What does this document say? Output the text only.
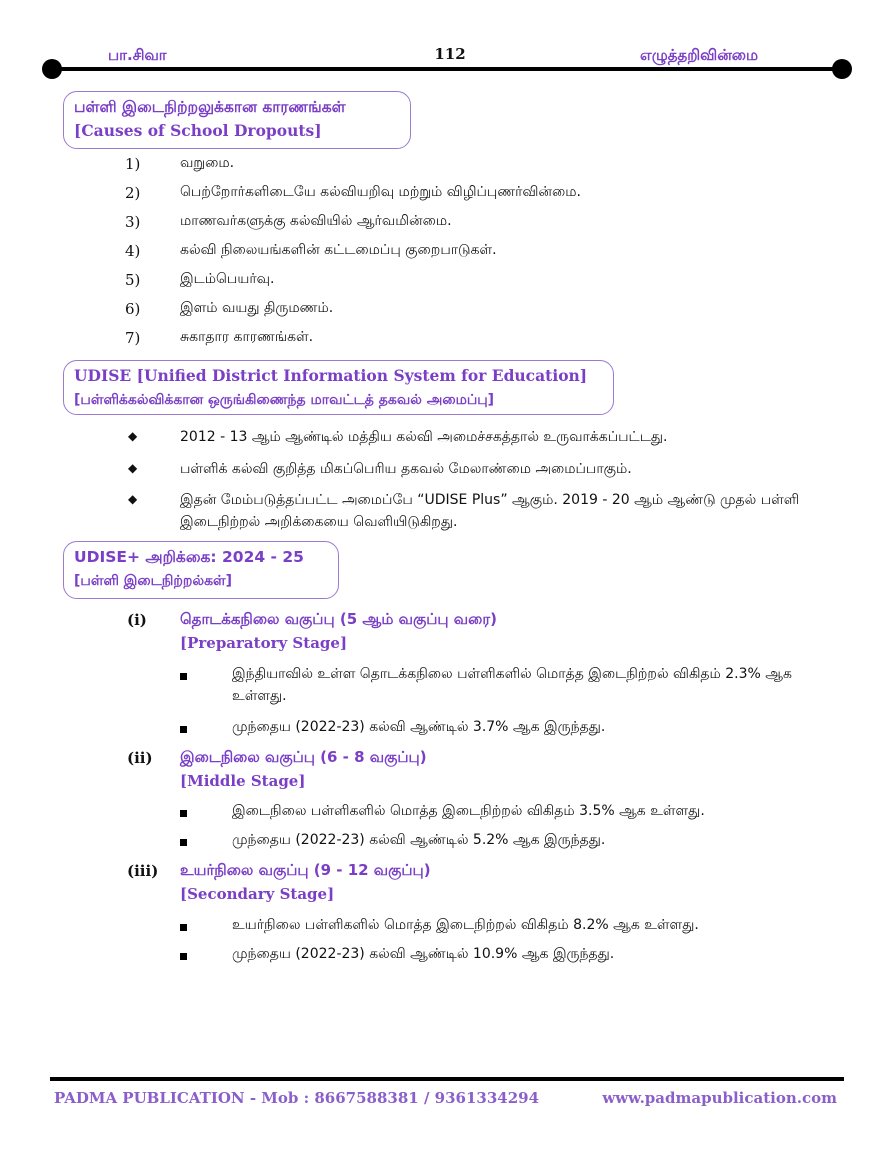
பா.சிவா	112	எழுத்தறிவின்மை
பள்ளி இடைநிற்றலுக்கான காரணங்கள்
[Causes of School Dropouts]
1)	வறுமை.
2)	பெற்றோர்களிடையே கல்வியறிவு மற்றும் விழிப்புணர்வின்மை.
3)	மாணவர்களுக்கு கல்வியில் ஆர்வமின்மை.
4)	கல்வி நிலையங்களின் கட்டமைப்பு குறைபாடுகள்.
5)	இடம்பெயர்வு.
6)	இளம் வயது திருமணம்.
7)	சுகாதார காரணங்கள்.
UDISE [Unified District Information System for Education]
[பள்ளிக்கல்விக்கான ஒருங்கிணைந்த மாவட்டத் தகவல் அமைப்பு]
◆	2012 - 13 ஆம் ஆண்டில் மத்திய கல்வி அமைச்சகத்தால் உருவாக்கப்பட்டது.
◆	பள்ளிக் கல்வி குறித்த மிகப்பெரிய தகவல் மேலாண்மை அமைப்பாகும்.
◆	இதன் மேம்படுத்தப்பட்ட அமைப்பே “UDISE Plus” ஆகும். 2019 - 20 ஆம் ஆண்டு முதல் பள்ளி இடைநிற்றல் அறிக்கையை வெளியிடுகிறது.
UDISE+ அறிக்கை: 2024 - 25
[பள்ளி இடைநிற்றல்கள்]
(i) தொடக்கநிலை வகுப்பு (5 ஆம் வகுப்பு வரை)
[Preparatory Stage]
இந்தியாவில் உள்ள தொடக்கநிலை பள்ளிகளில் மொத்த இடைநிற்றல் விகிதம் 2.3% ஆக உள்ளது.
முந்தைய (2022-23) கல்வி ஆண்டில் 3.7% ஆக இருந்தது.
(ii) இடைநிலை வகுப்பு (6 - 8 வகுப்பு)
[Middle Stage]
இடைநிலை பள்ளிகளில் மொத்த இடைநிற்றல் விகிதம் 3.5% ஆக உள்ளது.
முந்தைய (2022-23) கல்வி ஆண்டில் 5.2% ஆக இருந்தது.
(iii) உயர்நிலை வகுப்பு (9 - 12 வகுப்பு)
[Secondary Stage]
உயர்நிலை பள்ளிகளில் மொத்த இடைநிற்றல் விகிதம் 8.2% ஆக உள்ளது.
முந்தைய (2022-23) கல்வி ஆண்டில் 10.9% ஆக இருந்தது.
PADMA PUBLICATION - Mob : 8667588381 / 9361334294	www.padmapublication.com
